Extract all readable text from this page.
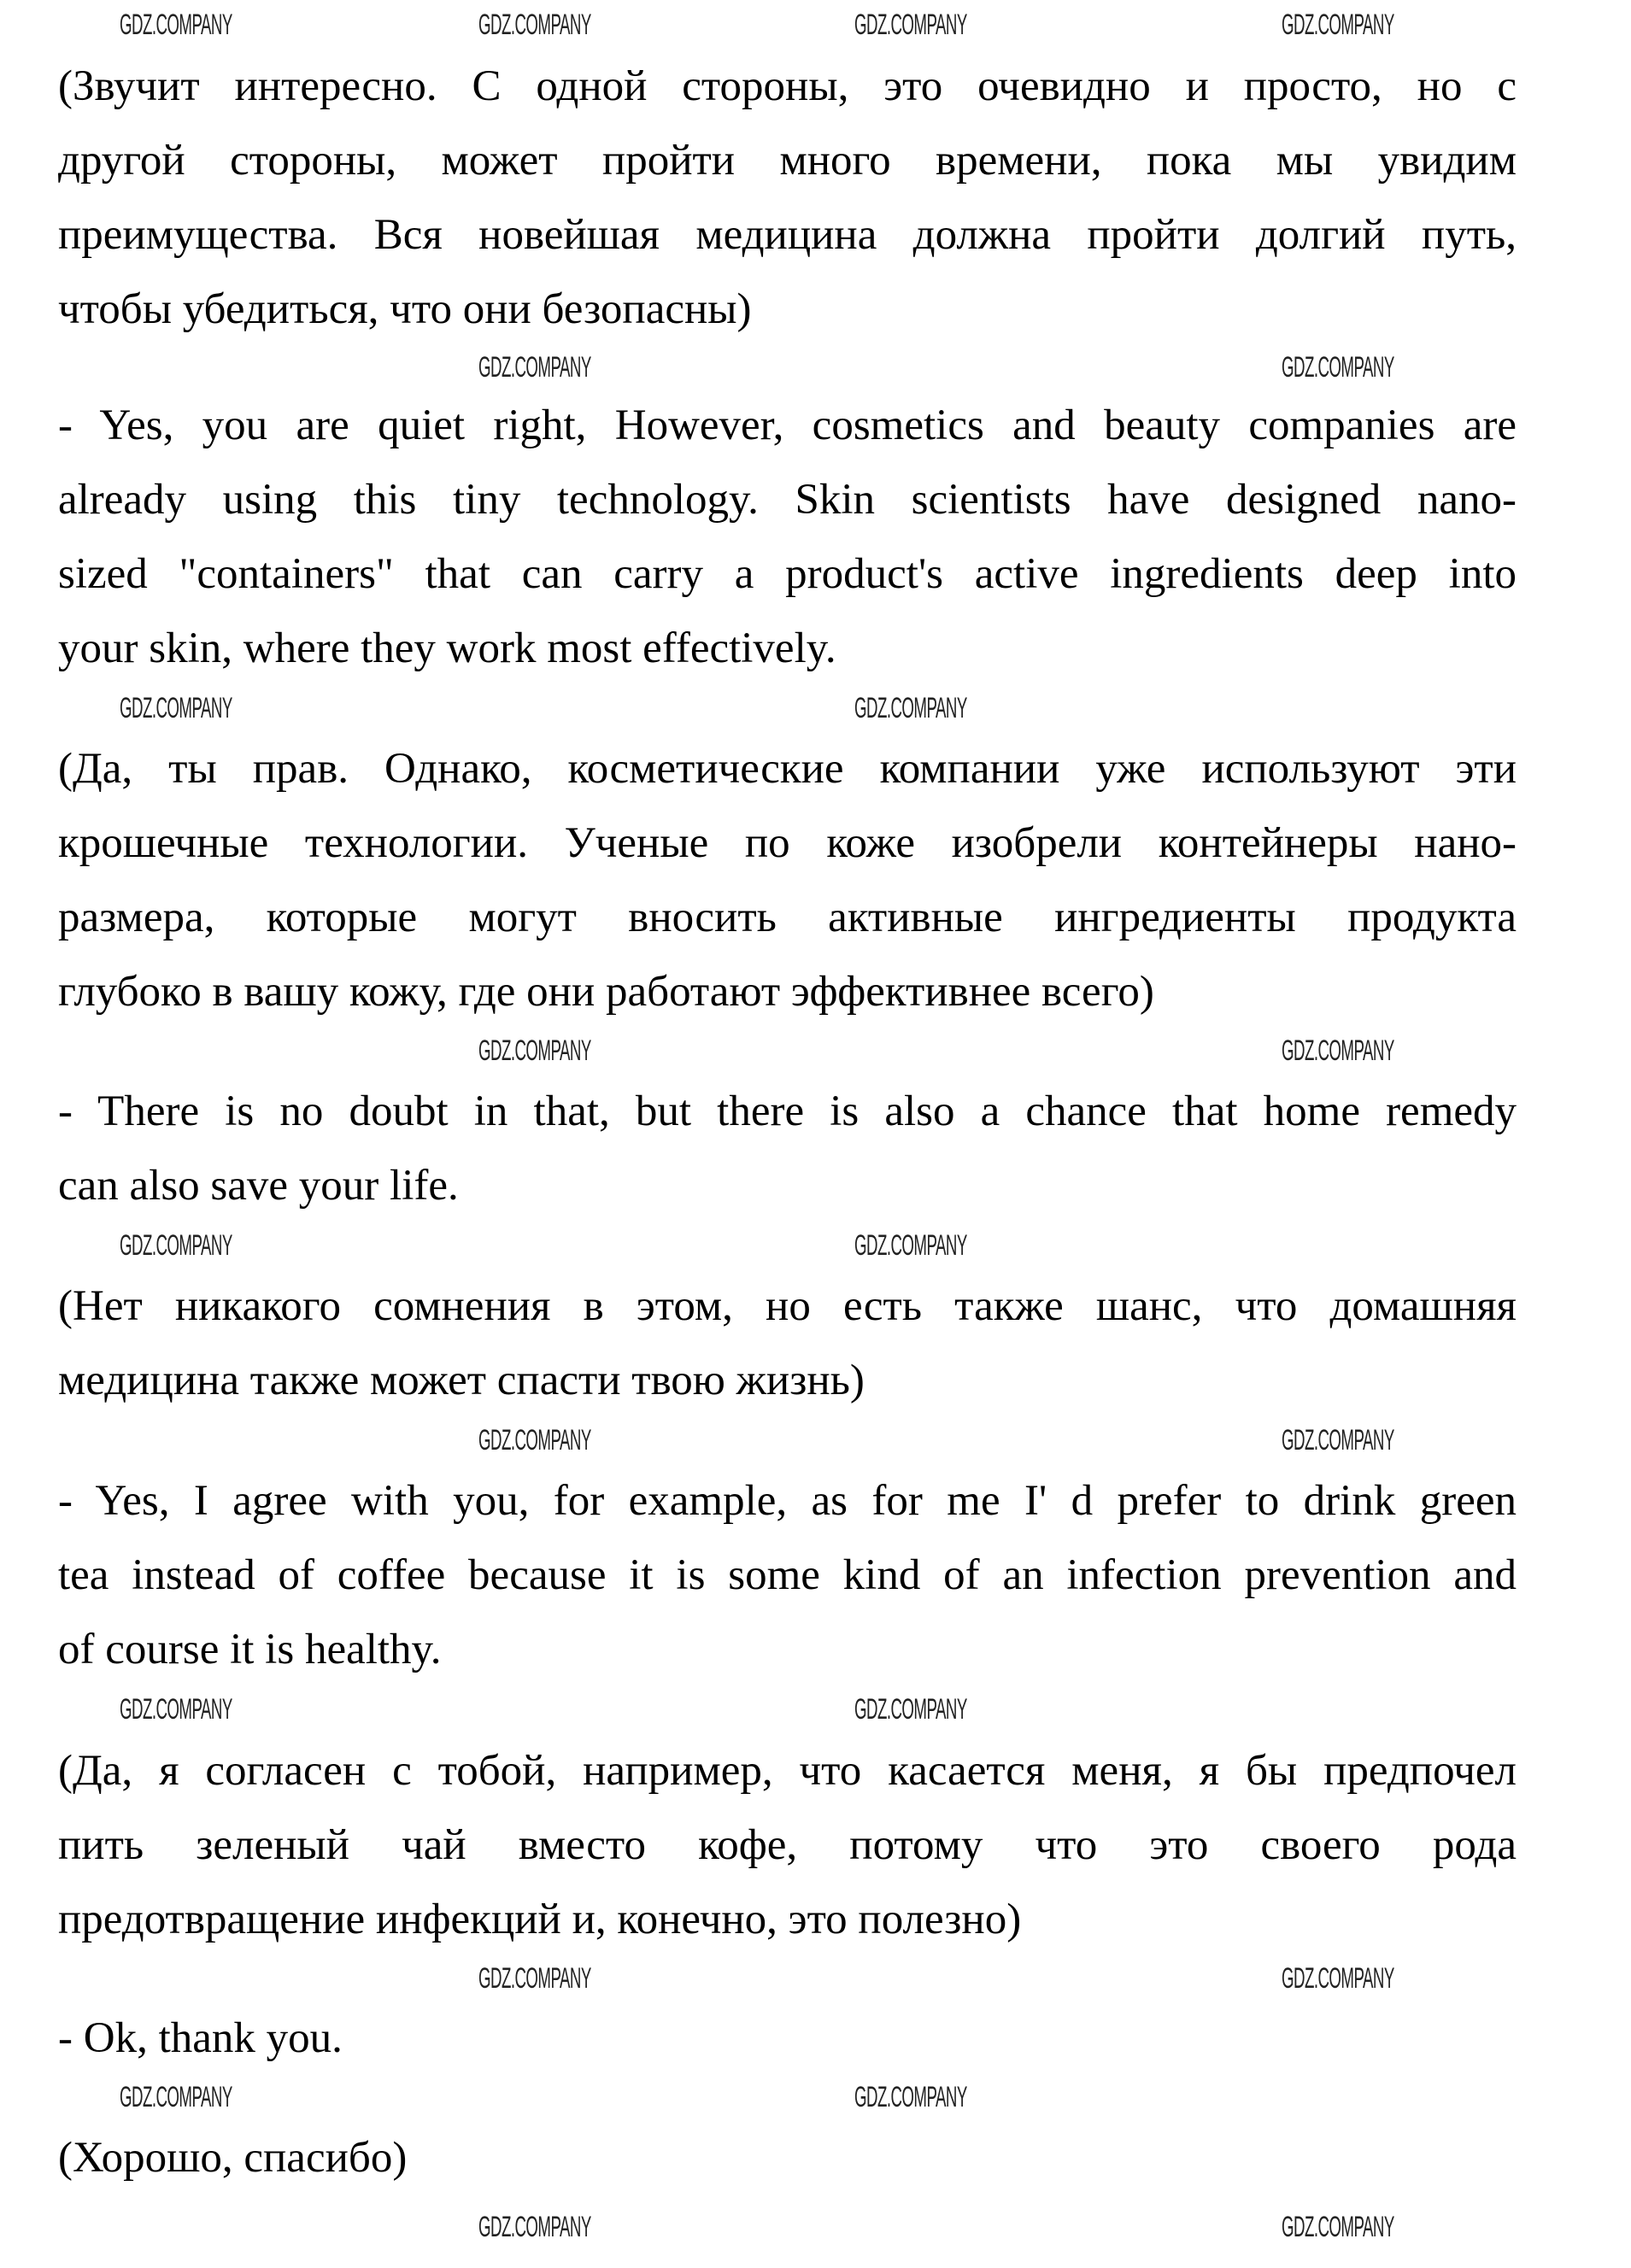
(Звучит интересно. С одной стороны, это очевидно и просто, но с
другой стороны, может пройти много времени, пока мы увидим
преимущества. Вся новейшая медицина должна пройти долгий путь,
чтобы убедиться, что они безопасны)
- Yes, you are quiet right, However, cosmetics and beauty companies are
already using this tiny technology. Skin scientists have designed nano-
sized "containers" that can carry a product's active ingredients deep into
your skin, where they work most effectively.
(Да, ты прав. Однако, косметические компании уже используют эти
крошечные технологии. Ученые по коже изобрели контейнеры нано-
размера, которые могут вносить активные ингредиенты продукта
глубоко в вашу кожу, где они работают эффективнее всего)
- There is no doubt in that, but there is also a chance that home remedy
can also save your life.
(Нет никакого сомнения в этом, но есть также шанс, что домашняя
медицина также может спасти твою жизнь)
- Yes, I agree with you, for example, as for me I' d prefer to drink green
tea instead of coffee because it is some kind of an infection prevention and
of course it is healthy.
(Да, я согласен с тобой, например, что касается меня, я бы предпочел
пить зеленый чай вместо кофе, потому что это своего рода
предотвращение инфекций и, конечно, это полезно)
- Ok, thank you.
(Хорошо, спасибо)
GDZ.COMPANY	GDZ.COMPANY	GDZ.COMPANY	GDZ.COMPANY
GDZ.COMPANY	GDZ.COMPANY
GDZ.COMPANY	GDZ.COMPANY
GDZ.COMPANY	GDZ.COMPANY
GDZ.COMPANY	GDZ.COMPANY
GDZ.COMPANY	GDZ.COMPANY
GDZ.COMPANY	GDZ.COMPANY
GDZ.COMPANY	GDZ.COMPANY
GDZ.COMPANY	GDZ.COMPANY
GDZ.COMPANY	GDZ.COMPANY
